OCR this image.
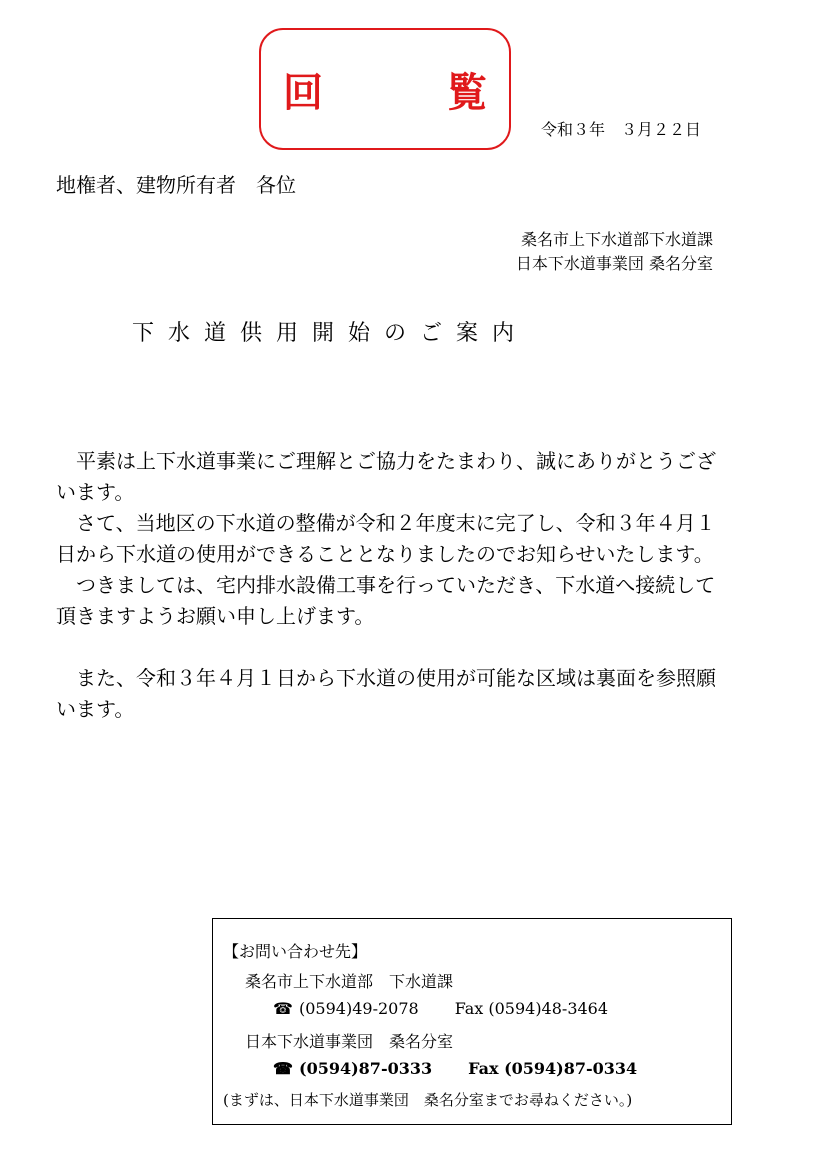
回　覧
令和３年　３月２２日
地権者、建物所有者　各位
桑名市上下水道部下水道課
日本下水道事業団 桑名分室
下水道供用開始のご案内

平素は上下水道事業にご理解とご協力をたまわり、誠にありがとうございます。

さて、当地区の下水道の整備が令和２年度末に完了し、令和３年４月１日から下水道の使用ができることとなりましたのでお知らせいたします。

つきましては、宅内排水設備工事を行っていただき、下水道へ接続して頂きますようお願い申し上げます。

また、令和３年４月１日から下水道の使用が可能な区域は裏面を参照願います。

【お問い合わせ先】
桑名市上下水道部　下水道課
☎ (0594)49-2078 Fax (0594)48-3464
日本下水道事業団　桑名分室
☎ (0594)87-0333 Fax (0594)87-0334
(まずは、日本下水道事業団　桑名分室までお尋ねください。)
